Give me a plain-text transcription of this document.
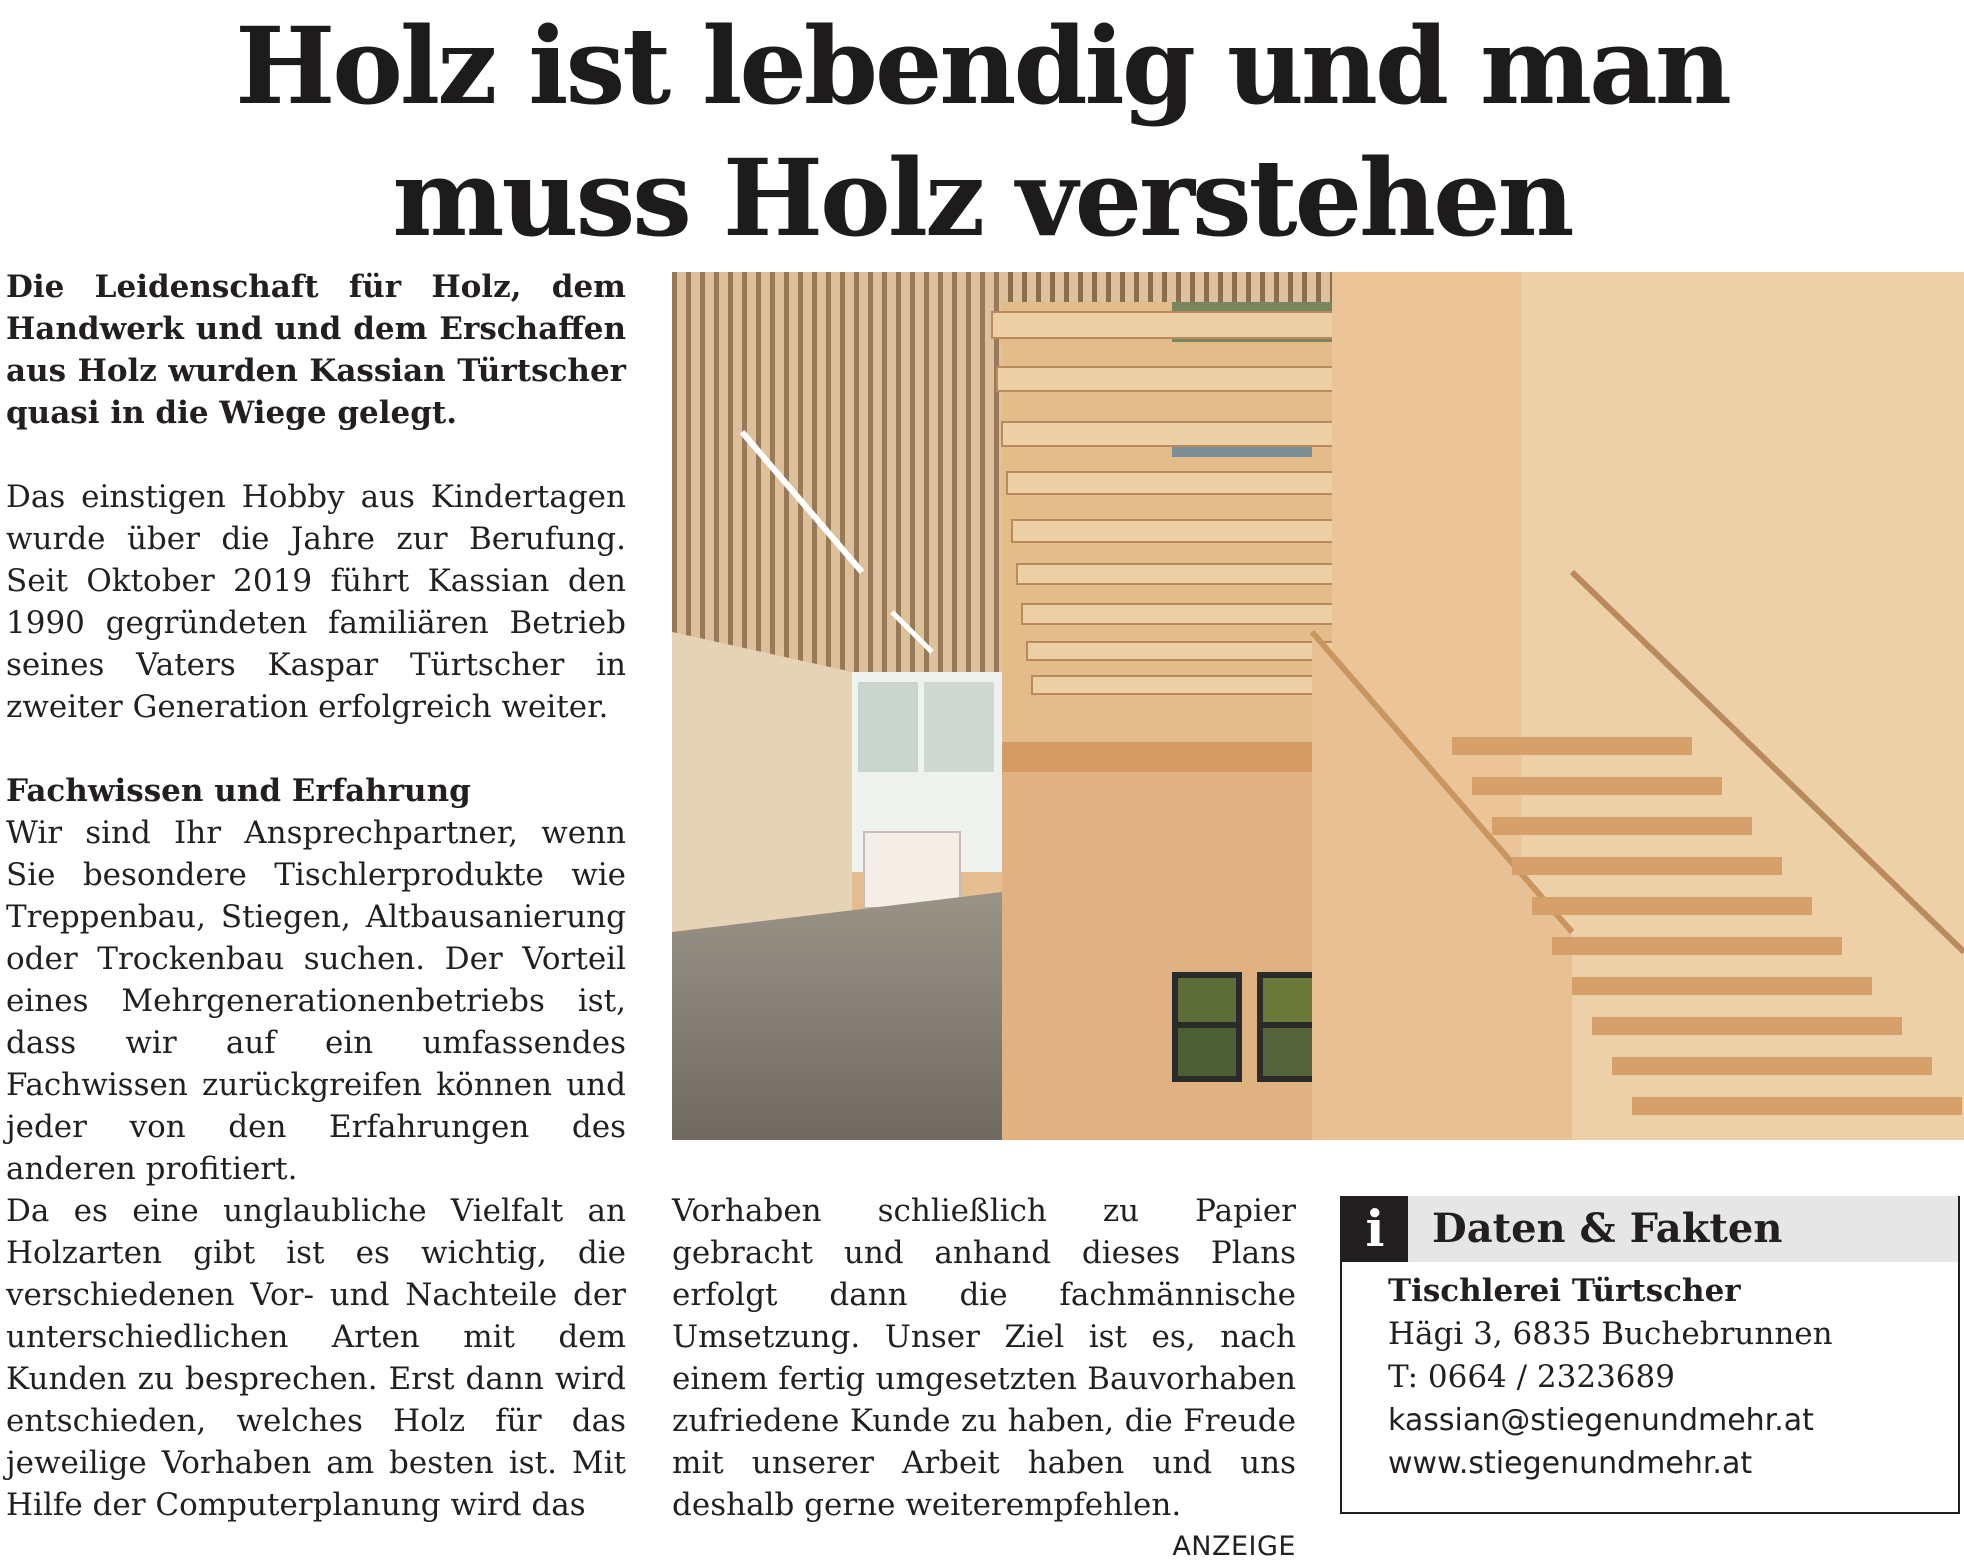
Holz ist lebendig und man
muss Holz verstehen

Die Leidenschaft für Holz, dem Handwerk und und dem Erschaffen aus Holz wurden Kassian Türtscher quasi in die Wiege gelegt.

Das einstigen Hobby aus Kindertagen wurde über die Jahre zur Berufung. Seit Oktober 2019 führt Kassian den 1990 gegründeten familiären Betrieb seines Vaters Kaspar Türtscher in zweiter Generation erfolgreich weiter.

Fachwissen und Erfahrung

Wir sind Ihr Ansprechpartner, wenn Sie besondere Tischlerprodukte wie Treppenbau, Stiegen, Altbausanierung oder Trockenbau suchen. Der Vorteil eines Mehrgenerationenbetriebs ist, dass wir auf ein umfassendes Fachwissen zurückgreifen können und jeder von den Erfahrungen des anderen profitiert.

Da es eine unglaubliche Vielfalt an Holzarten gibt ist es wichtig, die verschiedenen Vor- und Nachteile der unterschiedlichen Arten mit dem Kunden zu besprechen. Erst dann wird entschieden, welches Holz für das jeweilige Vorhaben am besten ist. Mit Hilfe der Computerplanung wird das

Vorhaben schließlich zu Papier gebracht und anhand dieses Plans erfolgt dann die fachmännische Umsetzung. Unser Ziel ist es, nach einem fertig umgesetzten Bauvorhaben zufriedene Kunde zu haben, die Freude mit unserer Arbeit haben und uns deshalb gerne weiterempfehlen.
ANZEIGE

i	Daten & Fakten
Tischlerei Türtscher
Hägi 3, 6835 Buchebrunnen
T: 0664 / 2323689
kassian@stiegenundmehr.at
www.stiegenundmehr.at
